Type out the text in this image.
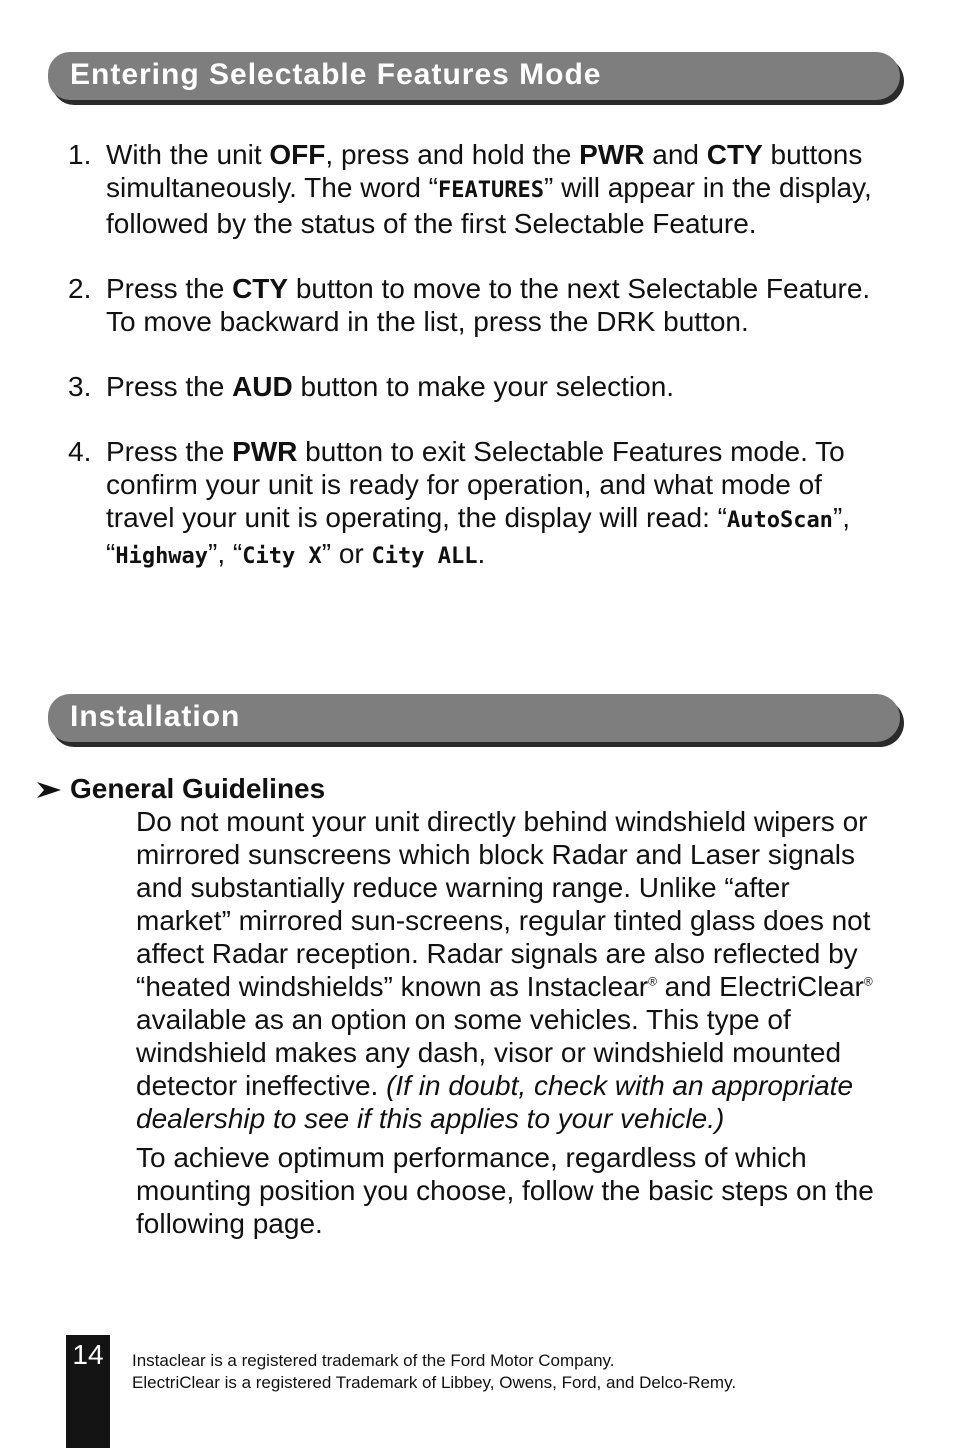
Entering Selectable Features Mode
1. With the unit OFF, press and hold the PWR and CTY buttons simultaneously. The word “FEATURES” will appear in the display, followed by the status of the first Selectable Feature.
2. Press the CTY button to move to the next Selectable Feature. To move backward in the list, press the DRK button.
3. Press the AUD button to make your selection.
4. Press the PWR button to exit Selectable Features mode. To confirm your unit is ready for operation, and what mode of travel your unit is operating, the display will read: “AutoScan”, “Highway”, “City X” or City ALL.
Installation
General Guidelines

Do not mount your unit directly behind windshield wipers or mirrored sunscreens which block Radar and Laser signals and substantially reduce warning range. Unlike “after market” mirrored sun-screens, regular tinted glass does not affect Radar reception. Radar signals are also reflected by “heated windshields” known as Instaclear® and ElectriClear® available as an option on some vehicles. This type of windshield makes any dash, visor or windshield mounted detector ineffective. (If in doubt, check with an appropriate dealership to see if this applies to your vehicle.)

To achieve optimum performance, regardless of which mounting position you choose, follow the basic steps on the following page.

14	Instaclear is a registered trademark of the Ford Motor Company.
ElectriClear is a registered Trademark of Libbey, Owens, Ford, and Delco-Remy.
